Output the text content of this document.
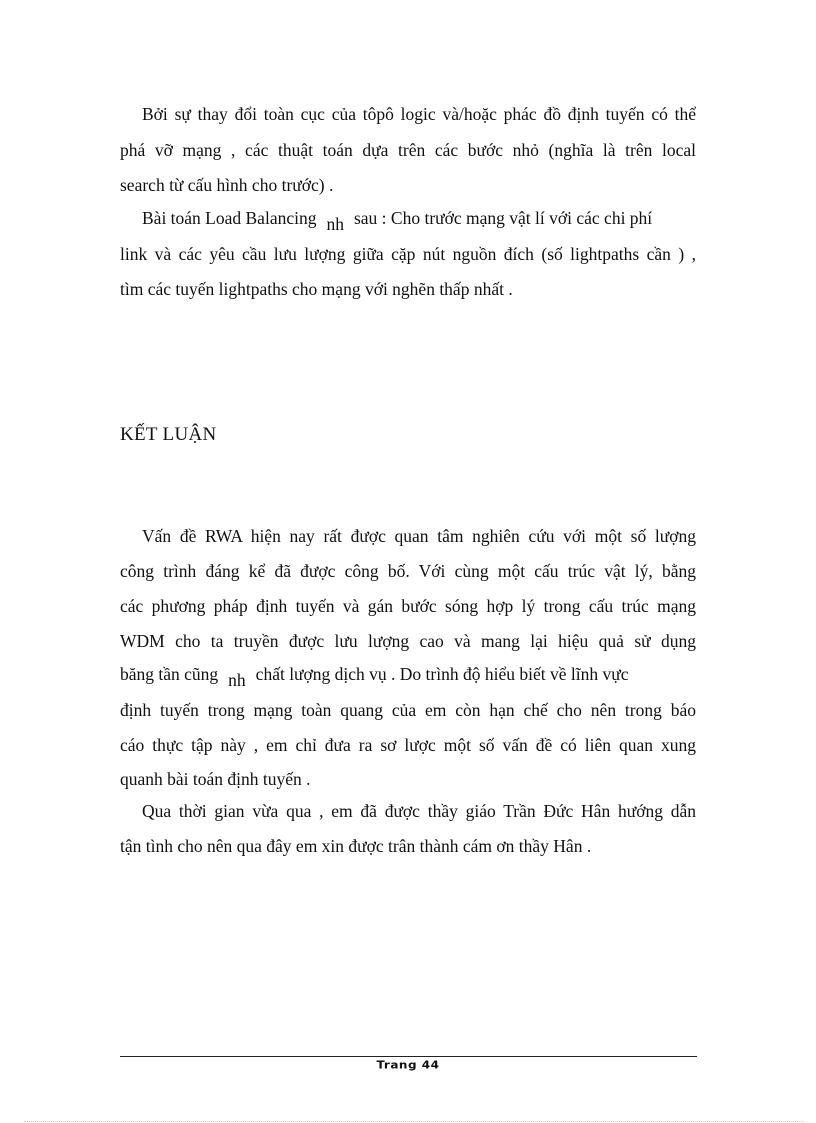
Bởi sự thay đổi toàn cục của tôpô logic và/hoặc phác đồ định tuyến có thể

phá vỡ mạng , các thuật toán dựa trên các bước nhỏ (nghĩa là trên local

search từ cấu hình cho trước) .

Bài toán Load Balancing nh sau : Cho trước mạng vật lí với các chi phí

link và các yêu cầu lưu lượng giữa cặp nút nguồn đích (số lightpaths cần ) ,

tìm các tuyến lightpaths cho mạng với nghẽn thấp nhất .

KẾT LUẬN

Vấn đề RWA hiện nay rất được quan tâm nghiên cứu với một số lượng

công trình đáng kể đã được công bố. Với cùng một cấu trúc vật lý, bằng

các phương pháp định tuyến và gán bước sóng hợp lý trong cấu trúc mạng

WDM cho ta truyền được lưu lượng cao và mang lại hiệu quả sử dụng

băng tần cũng nh chất lượng dịch vụ . Do trình độ hiểu biết về lĩnh vực

định tuyến trong mạng toàn quang của em còn hạn chế cho nên trong báo

cáo thực tập này , em chỉ đưa ra sơ lược một số vấn đề có liên quan xung

quanh bài toán định tuyến .

Qua thời gian vừa qua , em đã được thầy giáo Trần Đức Hân hướng dẫn

tận tình cho nên qua đây em xin được trân thành cám ơn thầy Hân .

Trang 44
